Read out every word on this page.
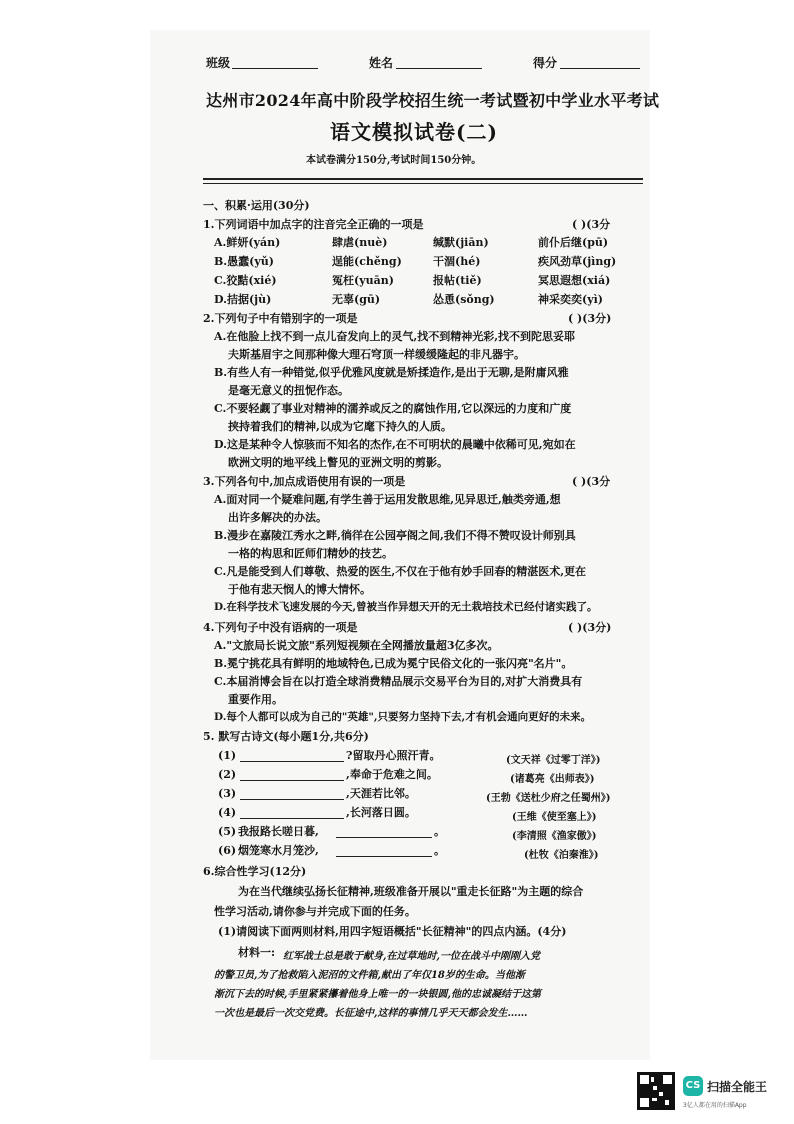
班级	姓名	得分
达州市2024年高中阶段学校招生统一考试暨初中学业水平考试
语文模拟试卷(二)
本试卷满分150分,考试时间150分钟。
一、积累·运用(30分)
1.下列词语中加点字的注音完全正确的一项是	( )(3分
A.鲜妍(yán)	肆虐(nuè)	缄默(jiān)	前仆后继(pū)
B.愚蠢(yǔ)	逞能(chěng)	干涸(hé)	疾风劲草(jìng)
C.狡黠(xié)	冤枉(yuān)	报帖(tiě)	冥思遐想(xiá)
D.拮据(jù)	无辜(gū)	怂恿(sǒng)	神采奕奕(yì)
2.下列句子中有错别字的一项是	( )(3分)
A.在他脸上找不到一点儿奋发向上的灵气,找不到精神光彩,找不到陀思妥耶
夫斯基眉宇之间那种像大理石穹顶一样缓缓隆起的非凡器宇。
B.有些人有一种错觉,似乎优雅风度就是矫揉造作,是出于无聊,是附庸风雅
是毫无意义的扭怩作态。
C.不要轻觑了事业对精神的濡养或反之的腐蚀作用,它以深远的力度和广度
挟持着我们的精神,以成为它麾下持久的人质。
D.这是某种令人惊骇而不知名的杰作,在不可明状的晨曦中依稀可见,宛如在
欧洲文明的地平线上瞥见的亚洲文明的剪影。
3.下列各句中,加点成语使用有误的一项是	( )(3分
A.面对同一个疑难问题,有学生善于运用发散思维,见异思迁,触类旁通,想
出许多解决的办法。
B.漫步在嘉陵江秀水之畔,徜徉在公园亭阁之间,我们不得不赞叹设计师别具
一格的构思和匠师们精妙的技艺。
C.凡是能受到人们尊敬、热爱的医生,不仅在于他有妙手回春的精湛医术,更在
于他有悲天悯人的博大情怀。
D.在科学技术飞速发展的今天,曾被当作异想天开的无土栽培技术已经付诸实践了。
4.下列句子中没有语病的一项是	( )(3分)
A."文旅局长说文旅"系列短视频在全网播放量超3亿多次。
B.冕宁挑花具有鲜明的地域特色,已成为冕宁民俗文化的一张闪亮"名片"。
C.本届消博会旨在以打造全球消费精品展示交易平台为目的,对扩大消费具有
重要作用。
D.每个人都可以成为自己的"英雄",只要努力坚持下去,才有机会通向更好的未来。
5. 默写古诗文(每小题1分,共6分)
(1)	?留取丹心照汗青。	(文天祥《过零丁洋》)
(2)	,奉命于危难之间。	(诸葛亮《出师表》)
(3)	,天涯若比邻。	(王勃《送杜少府之任蜀州》)
(4)	,长河落日圆。	(王维《使至塞上》)
(5) 我报路长嗟日暮,	。	(李清照《渔家傲》)
(6) 烟笼寒水月笼沙,	。	(杜牧《泊秦淮》)
6.综合性学习(12分)
为在当代继续弘扬长征精神,班级准备开展以"重走长征路"为主题的综合
性学习活动,请你参与并完成下面的任务。
(1)请阅读下面两则材料,用四字短语概括"长征精神"的四点内涵。(4分)
材料一: 红军战士总是敢于献身,在过草地时,一位在战斗中刚刚入党
的警卫员,为了抢救陷入泥沼的文件箱,献出了年仅18岁的生命。当他渐
渐沉下去的时候,手里紧紧攥着他身上唯一的一块银圆,他的忠诚凝结于这第
一次也是最后一次交党费。长征途中,这样的事情几乎天天都会发生……
CS 扫描全能王
3亿人都在用的扫描App
